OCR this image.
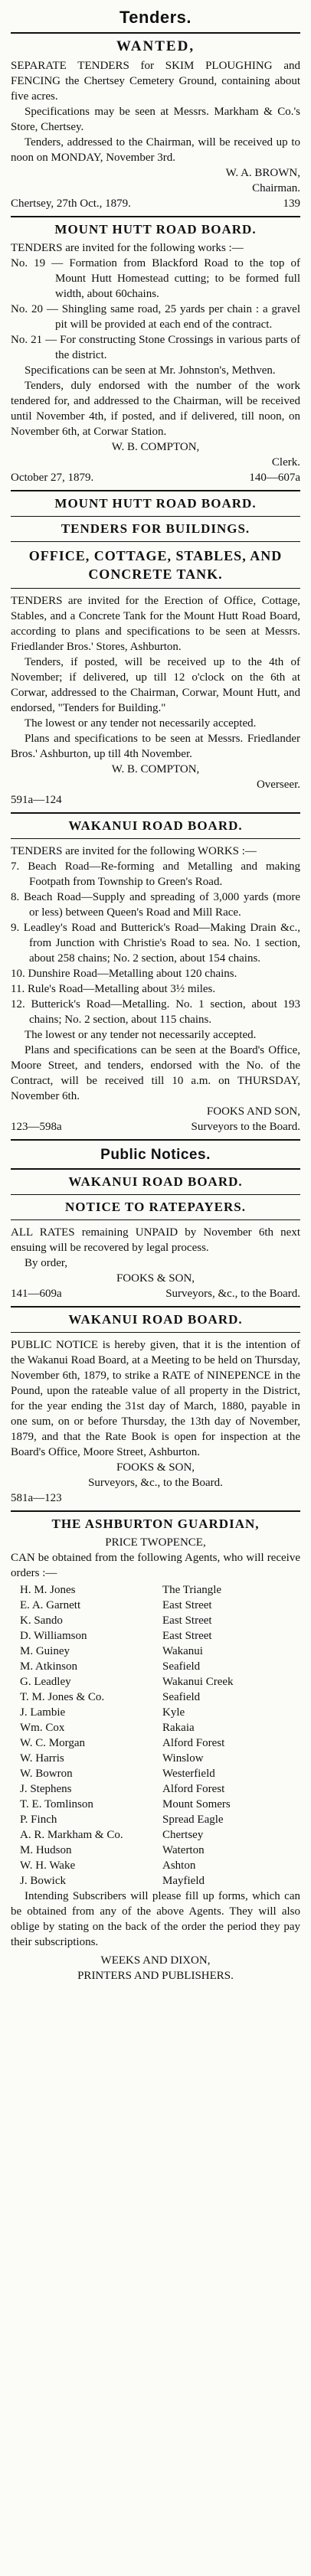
Tenders.
WANTED,

SEPARATE TENDERS for SKIM PLOUGHING and FENCING the Chertsey Cemetery Ground, containing about five acres.

Specifications may be seen at Messrs. Markham & Co.'s Store, Chertsey.

Tenders, addressed to the Chairman, will be received up to noon on MONDAY, November 3rd.

W. A. BROWN,

Chairman.

Chertsey, 27th Oct., 1879.	139
MOUNT HUTT ROAD BOARD.

TENDERS are invited for the following works :—

No. 19 — Formation from Blackford Road to the top of Mount Hutt Homestead cutting; to be formed full width, about 60chains.

No. 20 — Shingling same road, 25 yards per chain : a gravel pit will be provided at each end of the contract.

No. 21 — For constructing Stone Crossings in various parts of the district.

Specifications can be seen at Mr. Johnston's, Methven.

Tenders, duly endorsed with the number of the work tendered for, and addressed to the Chairman, will be received until November 4th, if posted, and if delivered, till noon, on November 6th, at Corwar Station.

W. B. COMPTON,

Clerk.

October 27, 1879.	140—607a
MOUNT HUTT ROAD BOARD.
TENDERS FOR BUILDINGS.
OFFICE, COTTAGE, STABLES, AND CONCRETE TANK.

TENDERS are invited for the Erection of Office, Cottage, Stables, and a Concrete Tank for the Mount Hutt Road Board, according to plans and specifications to be seen at Messrs. Friedlander Bros.' Stores, Ashburton.

Tenders, if posted, will be received up to the 4th of November; if delivered, up till 12 o'clock on the 6th at Corwar, addressed to the Chairman, Corwar, Mount Hutt, and endorsed, "Tenders for Building."

The lowest or any tender not necessarily accepted.

Plans and specifications to be seen at Messrs. Friedlander Bros.' Ashburton, up till 4th November.

W. B. COMPTON,

Overseer.

591a—124

WAKANUI ROAD BOARD.

TENDERS are invited for the following WORKS :—

7. Beach Road—Re-forming and Metalling and making Footpath from Township to Green's Road.

8. Beach Road—Supply and spreading of 3,000 yards (more or less) between Queen's Road and Mill Race.

9. Leadley's Road and Butterick's Road—Making Drain &c., from Junction with Christie's Road to sea. No. 1 section, about 258 chains; No. 2 section, about 154 chains.

10. Dunshire Road—Metalling about 120 chains.

11. Rule's Road—Metalling about 3½ miles.

12. Butterick's Road—Metalling. No. 1 section, about 193 chains; No. 2 section, about 115 chains.

The lowest or any tender not necessarily accepted.

Plans and specifications can be seen at the Board's Office, Moore Street, and tenders, endorsed with the No. of the Contract, will be received till 10 a.m. on THURSDAY, November 6th.

FOOKS AND SON,

123—598a	Surveyors to the Board.
Public Notices.
WAKANUI ROAD BOARD.
NOTICE TO RATEPAYERS.

ALL RATES remaining UNPAID by November 6th next ensuing will be recovered by legal process.

By order,

FOOKS & SON,

141—609a	Surveyors, &c., to the Board.
WAKANUI ROAD BOARD.

PUBLIC NOTICE is hereby given, that it is the intention of the Wakanui Road Board, at a Meeting to be held on Thursday, November 6th, 1879, to strike a RATE of NINEPENCE in the Pound, upon the rateable value of all property in the District, for the year ending the 31st day of March, 1880, payable in one sum, on or before Thursday, the 13th day of November, 1879, and that the Rate Book is open for inspection at the Board's Office, Moore Street, Ashburton.

FOOKS & SON,

Surveyors, &c., to the Board.

581a—123

THE ASHBURTON GUARDIAN,

PRICE TWOPENCE,

CAN be obtained from the following Agents, who will receive orders :—

H. M. Jones	The Triangle
E. A. Garnett	East Street
K. Sando	East Street
D. Williamson	East Street
M. Guiney	Wakanui
M. Atkinson	Seafield
G. Leadley	Wakanui Creek
T. M. Jones & Co.	Seafield
J. Lambie	Kyle
Wm. Cox	Rakaia
W. C. Morgan	Alford Forest
W. Harris	Winslow
W. Bowron	Westerfield
J. Stephens	Alford Forest
T. E. Tomlinson	Mount Somers
P. Finch	Spread Eagle
A. R. Markham & Co.	Chertsey
M. Hudson	Waterton
W. H. Wake	Ashton
J. Bowick	Mayfield

Intending Subscribers will please fill up forms, which can be obtained from any of the above Agents. They will also oblige by stating on the back of the order the period they pay their subscriptions.

WEEKS AND DIXON,

PRINTERS AND PUBLISHERS.
